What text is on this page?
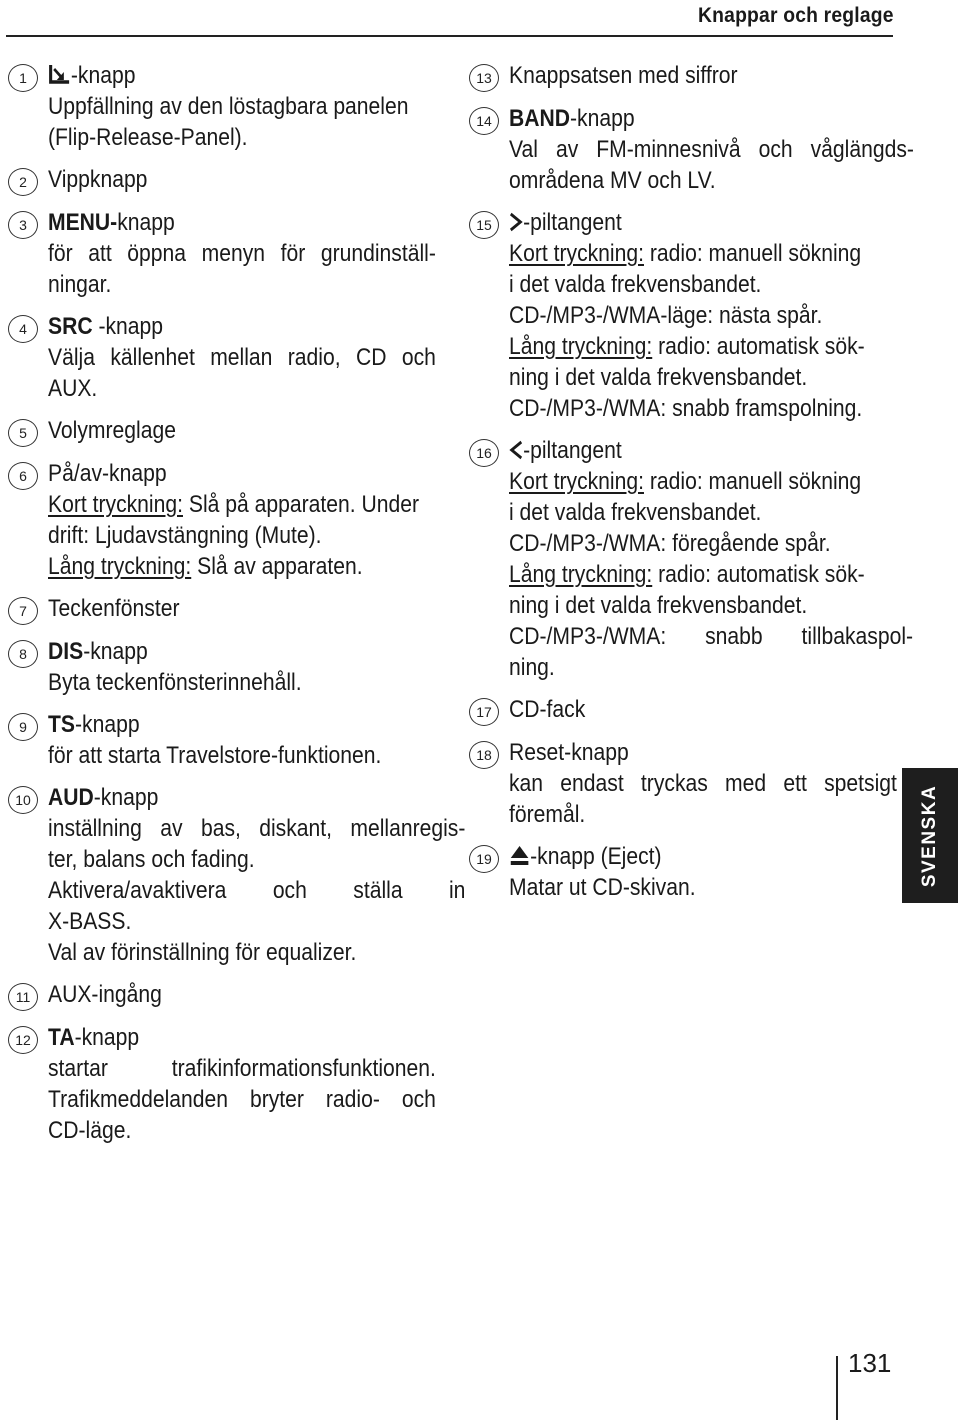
Knappar och reglage
1	-knapp
Uppfällning av den löstagbara panelen
(Flip-Release-Panel).
2 Vippknapp
3 MENU-knapp
för att öppna menyn för grundinställ-
ningar.
4 SRC -knapp
Välja källenhet mellan radio, CD och
AUX.
5 Volymreglage
6 På/av-knapp
Kort tryckning: Slå på apparaten. Under
drift: Ljudavstängning (Mute).
Lång tryckning: Slå av apparaten.
7 Teckenfönster
8 DIS-knapp
Byta teckenfönsterinnehåll.
9 TS-knapp
för att starta Travelstore-funktionen.
10 AUD-knapp
inställning av bas, diskant, mellanregis-
ter, balans och fading.
Aktivera/avaktivera och ställa in
X-BASS.
Val av förinställning för equalizer.
11 AUX-ingång
12 TA-knapp
startar trafikinformationsfunktionen.
Trafikmeddelanden bryter radio- och
CD-läge.
13 Knappsatsen med siffror
14 BAND-knapp
Val av FM-minnesnivå och våglängds-
områdena MV och LV.
15	-piltangent
Kort tryckning: radio: manuell sökning
i det valda frekvensbandet.
CD-/MP3-/WMA-läge: nästa spår.
Lång tryckning: radio: automatisk sök-
ning i det valda frekvensbandet.
CD-/MP3-/WMA: snabb framspolning.
16	-piltangent
Kort tryckning: radio: manuell sökning
i det valda frekvensbandet.
CD-/MP3-/WMA: föregående spår.
Lång tryckning: radio: automatisk sök-
ning i det valda frekvensbandet.
CD-/MP3-/WMA: snabb tillbakaspol-
ning.
17 CD-fack
18 Reset-knapp
kan endast tryckas med ett spetsigt
föremål.
19	-knapp (Eject)
Matar ut CD-skivan.
SVENSKA
131
